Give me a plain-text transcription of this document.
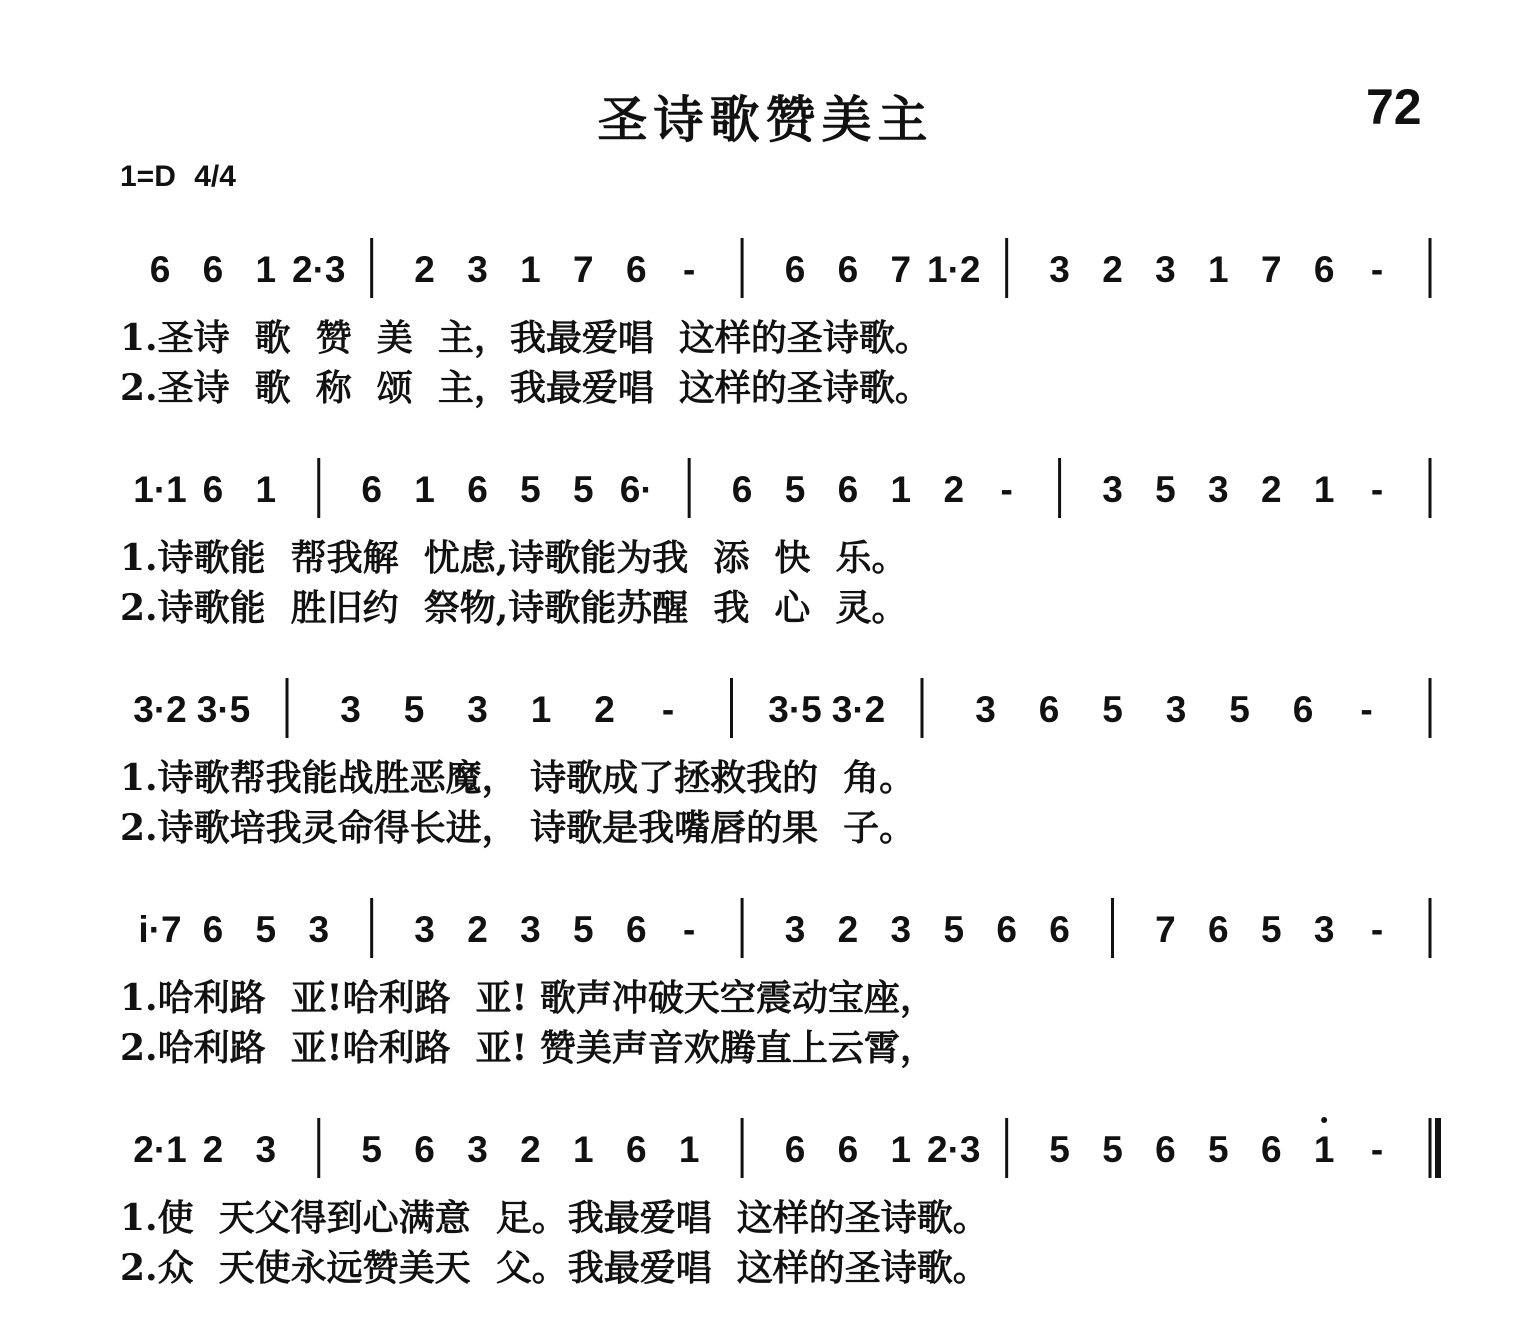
圣诗歌赞美主	72
1=D 4/4
6 6 1 2·3 2 3 1 7 6 - 6 6 7 1·2 3 2 3 1 7 6 -
1.圣诗  歌  赞  美  主，我最爱唱  这样的圣诗歌。
2.圣诗  歌  称  颂  主，我最爱唱  这样的圣诗歌。
1·1 6 1 6 1 6 5 5 6· 6 5 6 1 2 - 3 5 3 2 1 -
1.诗歌能  帮我解  忧虑,诗歌能为我  添  快  乐。
2.诗歌能  胜旧约  祭物,诗歌能苏醒  我  心  灵。
3·2 3·5 3 5 3 1 2 -	3·5 3·2 3 6 5 3 5 6 -
1.诗歌帮我能战胜恶魔， 诗歌成了拯救我的  角。
2.诗歌培我灵命得长进， 诗歌是我嘴唇的果  子。
i·7 6 5 3 3 2 3 5 6 - 3 2 3 5 6 6 7 6 5 3 -
1.哈利路  亚!哈利路  亚! 歌声冲破天空震动宝座，
2.哈利路  亚!哈利路  亚! 赞美声音欢腾直上云霄，
2·1 2 3 5 6 3 2 1 6 1 6 6 1 2·3 5 5 6 5 6 1 -
1.使  天父得到心满意  足。我最爱唱  这样的圣诗歌。
2.众  天使永远赞美天  父。我最爱唱  这样的圣诗歌。
